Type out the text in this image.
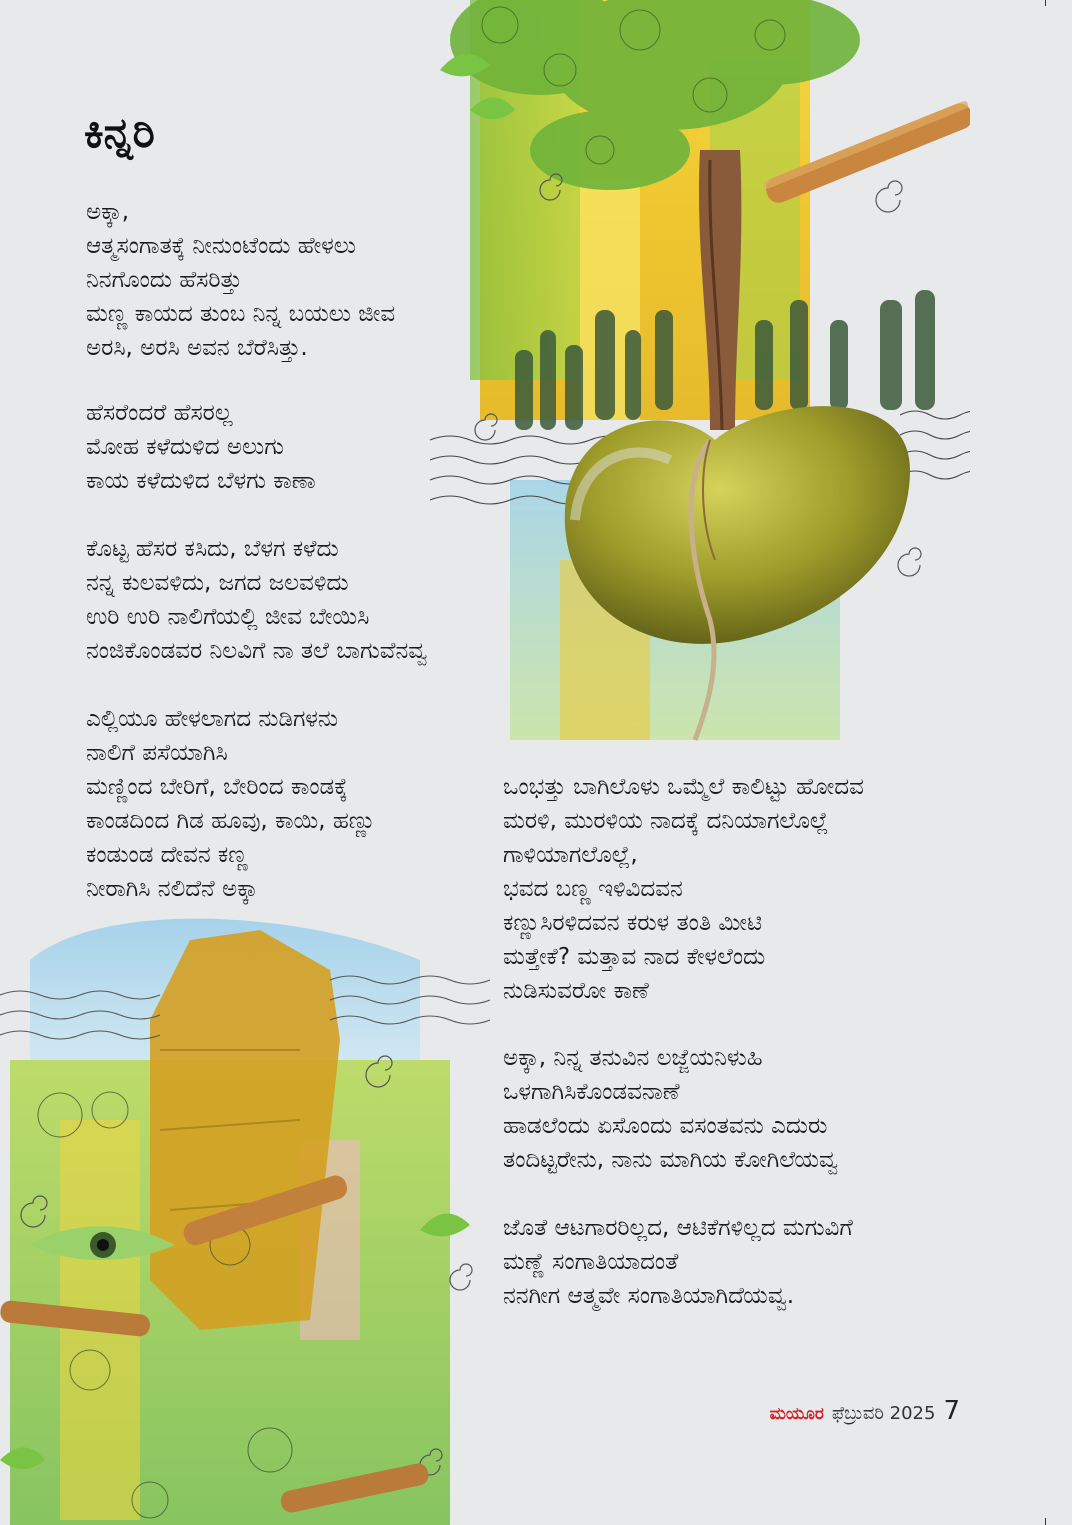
ಕಿನ್ನರಿ
ಅಕ್ಕಾ,
ಆತ್ಮಸಂಗಾತಕ್ಕೆ ನೀನುಂಟೆಂದು ಹೇಳಲು
ನಿನಗೊಂದು ಹೆಸರಿತ್ತು
ಮಣ್ಣ ಕಾಯದ ತುಂಬ ನಿನ್ನ ಬಯಲು ಜೀವ
ಅರಸಿ, ಅರಸಿ ಅವನ ಬೆರೆಸಿತ್ತು.
ಹೆಸರೆಂದರೆ ಹೆಸರಲ್ಲ
ಮೋಹ ಕಳೆದುಳಿದ ಅಲುಗು
ಕಾಯ ಕಳೆದುಳಿದ ಬೆಳಗು ಕಾಣಾ
ಕೊಟ್ಟ ಹೆಸರ ಕಸಿದು, ಬೆಳಗ ಕಳೆದು
ನನ್ನ ಕುಲವಳಿದು, ಜಗದ ಜಲವಳಿದು
ಉರಿ ಉರಿ ನಾಲಿಗೆಯಲ್ಲಿ ಜೀವ ಬೇಯಿಸಿ
ನಂಜಿಕೊಂಡವರ ನಿಲವಿಗೆ ನಾ ತಲೆ ಬಾಗುವೆನವ್ವ
ಎಲ್ಲಿಯೂ ಹೇಳಲಾಗದ ನುಡಿಗಳನು
ನಾಲಿಗೆ ಪಸೆಯಾಗಿಸಿ
ಮಣ್ಣಿಂದ ಬೇರಿಗೆ, ಬೇರಿಂದ ಕಾಂಡಕ್ಕೆ
ಕಾಂಡದಿಂದ ಗಿಡ ಹೂವು, ಕಾಯಿ, ಹಣ್ಣು
ಕಂಡುಂಡ ದೇವನ ಕಣ್ಣ
ನೀರಾಗಿಸಿ ನಲಿದೆನೆ ಅಕ್ಕಾ
ಒಂಭತ್ತು ಬಾಗಿಲೊಳು ಒಮ್ಮೆಲೆ ಕಾಲಿಟ್ಟು ಹೋದವ
ಮರಳಿ, ಮುರಳಿಯ ನಾದಕ್ಕೆ ದನಿಯಾಗಲೊಲ್ಲೆ
ಗಾಳಿಯಾಗಲೊಲ್ಲೆ,
ಭವದ ಬಣ್ಣ ಇಳಿವಿದವನ
ಕಣ್ಣುಸಿರಳಿದವನ ಕರುಳ ತಂತಿ ಮೀಟಿ
ಮತ್ತೇಕೆ? ಮತ್ತಾವ ನಾದ ಕೇಳಲೆಂದು
ನುಡಿಸುವರೋ ಕಾಣೆ
ಅಕ್ಕಾ, ನಿನ್ನ ತನುವಿನ ಲಜ್ಜೆಯನಿಳುಹಿ
ಒಳಗಾಗಿಸಿಕೊಂಡವನಾಣೆ
ಹಾಡಲೆಂದು ಏಸೊಂದು ವಸಂತವನು ಎದುರು
ತಂದಿಟ್ಟರೇನು, ನಾನು ಮಾಗಿಯ ಕೋಗಿಲೆಯವ್ವ
ಜೊತೆ ಆಟಗಾರರಿಲ್ಲದ, ಆಟಿಕೆಗಳಿಲ್ಲದ ಮಗುವಿಗೆ
ಮಣ್ಣೆ ಸಂಗಾತಿಯಾದಂತೆ
ನನಗೀಗ ಆತ್ಮವೇ ಸಂಗಾತಿಯಾಗಿದೆಯವ್ವ.
ಮಯೂರ ಫೆಬ್ರುವರಿ 2025 7
